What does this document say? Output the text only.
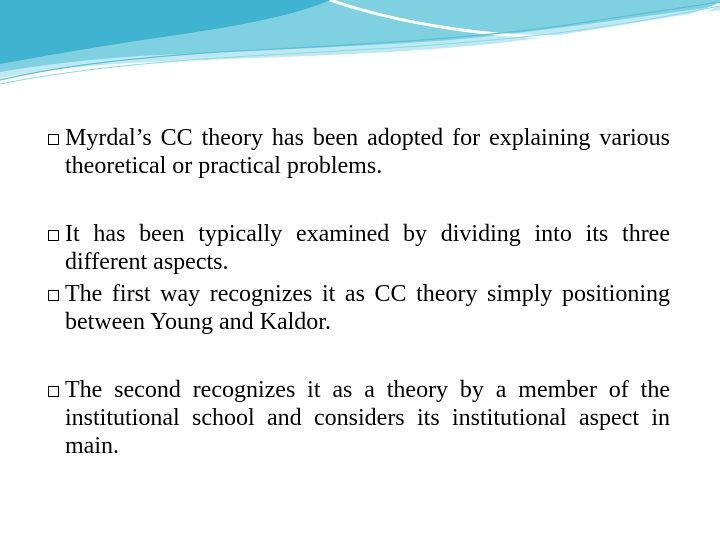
Myrdal’s CC theory has been adopted for explaining various theoretical or practical problems.
It has been typically examined by dividing into its three different aspects.
The first way recognizes it as CC theory simply positioning between Young and Kaldor.
The second recognizes it as a theory by a member of the institutional school and considers its institutional aspect in main.
